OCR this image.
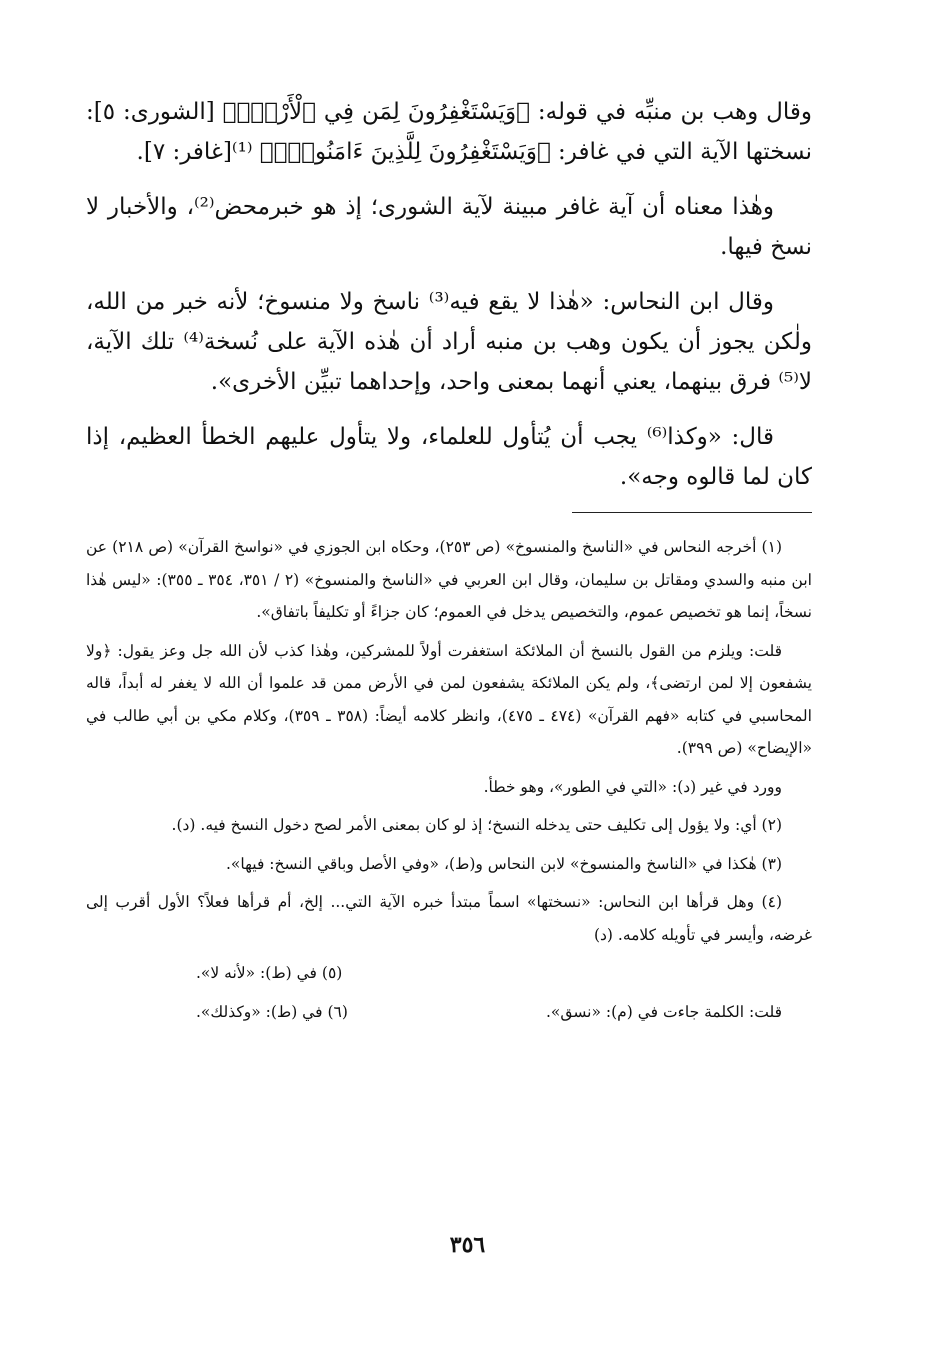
وقال وهب بن منبِّه في قوله: ﴿وَيَسْتَغْفِرُونَ لِمَن فِي ٱلْأَرْضِۗ﴾ [الشورى: ٥]: نسختها الآية التي في غافر: ﴿وَيَسْتَغْفِرُونَ لِلَّذِينَ ءَامَنُواْۖ﴾ ⁽¹⁾[غافر: ٧].

وهٰذا معناه أن آية غافر مبينة لآية الشورى؛ إذ هو خبرمحض⁽²⁾، والأخبار لا نسخ فيها.

وقال ابن النحاس: «هٰذا لا يقع فيه⁽³⁾ ناسخ ولا منسوخ؛ لأنه خبر من الله، ولٰكن يجوز أن يكون وهب بن منبه أراد أن هٰذه الآية على نُسخة⁽⁴⁾ تلك الآية، لا⁽⁵⁾ فرق بينهما، يعني أنهما بمعنى واحد، وإحداهما تبيِّن الأخرى».

قال: «وكذا⁽⁶⁾ يجب أن يُتأول للعلماء، ولا يتأول عليهم الخطأ العظيم، إذا كان لما قالوه وجه».

(١) أخرجه النحاس في «الناسخ والمنسوخ» (ص ٢٥٣)، وحكاه ابن الجوزي في «نواسخ القرآن» (ص ٢١٨) عن ابن منبه والسدي ومقاتل بن سليمان، وقال ابن العربي في «الناسخ والمنسوخ» (٢ / ٣٥١، ٣٥٤ ـ ٣٥٥): «ليس هٰذا نسخاً، إنما هو تخصيص عموم، والتخصيص يدخل في العموم؛ كان جزاءً أو تكليفاً باتفاق».

قلت: ويلزم من القول بالنسخ أن الملائكة استغفرت أولاً للمشركين، وهٰذا كذب لأن الله جل وعز يقول: ﴿ولا يشفعون إلا لمن ارتضى﴾، ولم يكن الملائكة يشفعون لمن في الأرض ممن قد علموا أن الله لا يغفر له أبداً، قاله المحاسبي في كتابه «فهم القرآن» (٤٧٤ ـ ٤٧٥)، وانظر كلامه أيضاً: (٣٥٨ ـ ٣٥٩)، وكلام مكي بن أبي طالب في «الإيضاح» (ص ٣٩٩).

وورد في غير (د): «التي في الطور»، وهو خطأ.

(٢) أي: ولا يؤول إلى تكليف حتى يدخله النسخ؛ إذ لو كان بمعنى الأمر لصح دخول النسخ فيه. (د).

(٣) هٰكذا في «الناسخ والمنسوخ» لابن النحاس و(ط)، «وفي الأصل وباقي النسخ: فيها».

(٤) وهل قرأها ابن النحاس: «نسختها» اسماً مبتدأ خبره الآية التي... إلخ، أم قرأها فعلاً؟ الأول أقرب إلى غرضه، وأيسر في تأويله كلامه. (د)

(٥) في (ط): «لأنه لا».
قلت: الكلمة جاءت في (م): «نسق».
(٦) في (ط): «وكذلك».
٣٥٦
